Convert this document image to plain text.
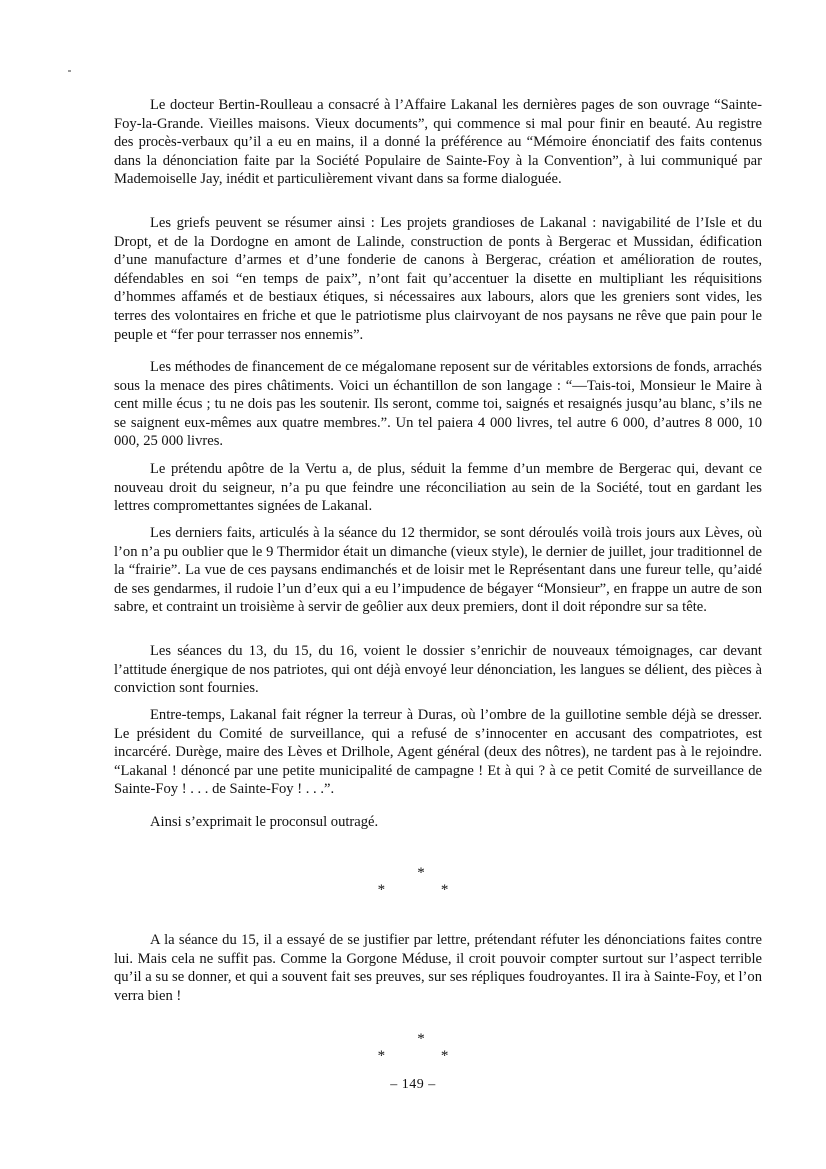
Le docteur Bertin-Roulleau a consacré à l’Affaire Lakanal les dernières pages de son ouvrage “Sainte-Foy-la-Grande. Vieilles maisons. Vieux documents”, qui commence si mal pour finir en beauté. Au registre des procès-verbaux qu’il a eu en mains, il a donné la préférence au “Mémoire énonciatif des faits contenus dans la dénonciation faite par la Société Populaire de Sainte-Foy à la Convention”, à lui communiqué par Mademoiselle Jay, inédit et particulièrement vivant dans sa forme dialoguée.

Les griefs peuvent se résumer ainsi : Les projets grandioses de Lakanal : navigabilité de l’Isle et du Dropt, et de la Dordogne en amont de Lalinde, construction de ponts à Bergerac et Mussidan, édification d’une manufacture d’armes et d’une fonderie de canons à Bergerac, création et amélioration de routes, défendables en soi “en temps de paix”, n’ont fait qu’accentuer la disette en multipliant les réquisitions d’hommes affamés et de bestiaux étiques, si nécessaires aux labours, alors que les greniers sont vides, les terres des volontaires en friche et que le patriotisme plus clairvoyant de nos paysans ne rêve que pain pour le peuple et “fer pour terrasser nos ennemis”.

Les méthodes de financement de ce mégalomane reposent sur de véritables extorsions de fonds, arrachés sous la menace des pires châtiments. Voici un échantillon de son langage : “—Tais-toi, Monsieur le Maire à cent mille écus ; tu ne dois pas les soutenir. Ils seront, comme toi, saignés et resaignés jusqu’au blanc, s’ils ne se saignent eux-mêmes aux quatre membres.”. Un tel paiera 4 000 livres, tel autre 6 000, d’autres 8 000, 10 000, 25 000 livres.

Le prétendu apôtre de la Vertu a, de plus, séduit la femme d’un membre de Bergerac qui, devant ce nouveau droit du seigneur, n’a pu que feindre une réconciliation au sein de la Société, tout en gardant les lettres compromettantes signées de Lakanal.

Les derniers faits, articulés à la séance du 12 thermidor, se sont déroulés voilà trois jours aux Lèves, où l’on n’a pu oublier que le 9 Thermidor était un dimanche (vieux style), le dernier de juillet, jour traditionnel de la “frairie”. La vue de ces paysans endimanchés et de loisir met le Représentant dans une fureur telle, qu’aidé de ses gendarmes, il rudoie l’un d’eux qui a eu l’impudence de bégayer “Monsieur”, en frappe un autre de son sabre, et contraint un troisième à servir de geôlier aux deux premiers, dont il doit répondre sur sa tête.

Les séances du 13, du 15, du 16, voient le dossier s’enrichir de nouveaux témoignages, car devant l’attitude énergique de nos patriotes, qui ont déjà envoyé leur dénonciation, les langues se délient, des pièces à conviction sont fournies.

Entre-temps, Lakanal fait régner la terreur à Duras, où l’ombre de la guillotine semble déjà se dresser. Le président du Comité de surveillance, qui a refusé de s’innocenter en accusant des compatriotes, est incarcéré. Durège, maire des Lèves et Drilhole, Agent général (deux des nôtres), ne tardent pas à le rejoindre. “Lakanal ! dénoncé par une petite municipalité de campagne ! Et à qui ? à ce petit Comité de surveillance de Sainte-Foy ! . . . de Sainte-Foy ! . . .”.

Ainsi s’exprimait le proconsul outragé.

*
* *

A la séance du 15, il a essayé de se justifier par lettre, prétendant réfuter les dénonciations faites contre lui. Mais cela ne suffit pas. Comme la Gorgone Méduse, il croit pouvoir compter surtout sur l’aspect terrible qu’il a su se donner, et qui a souvent fait ses preuves, sur ses répliques foudroyantes. Il ira à Sainte-Foy, et l’on verra bien !

*
* *
– 149 –
